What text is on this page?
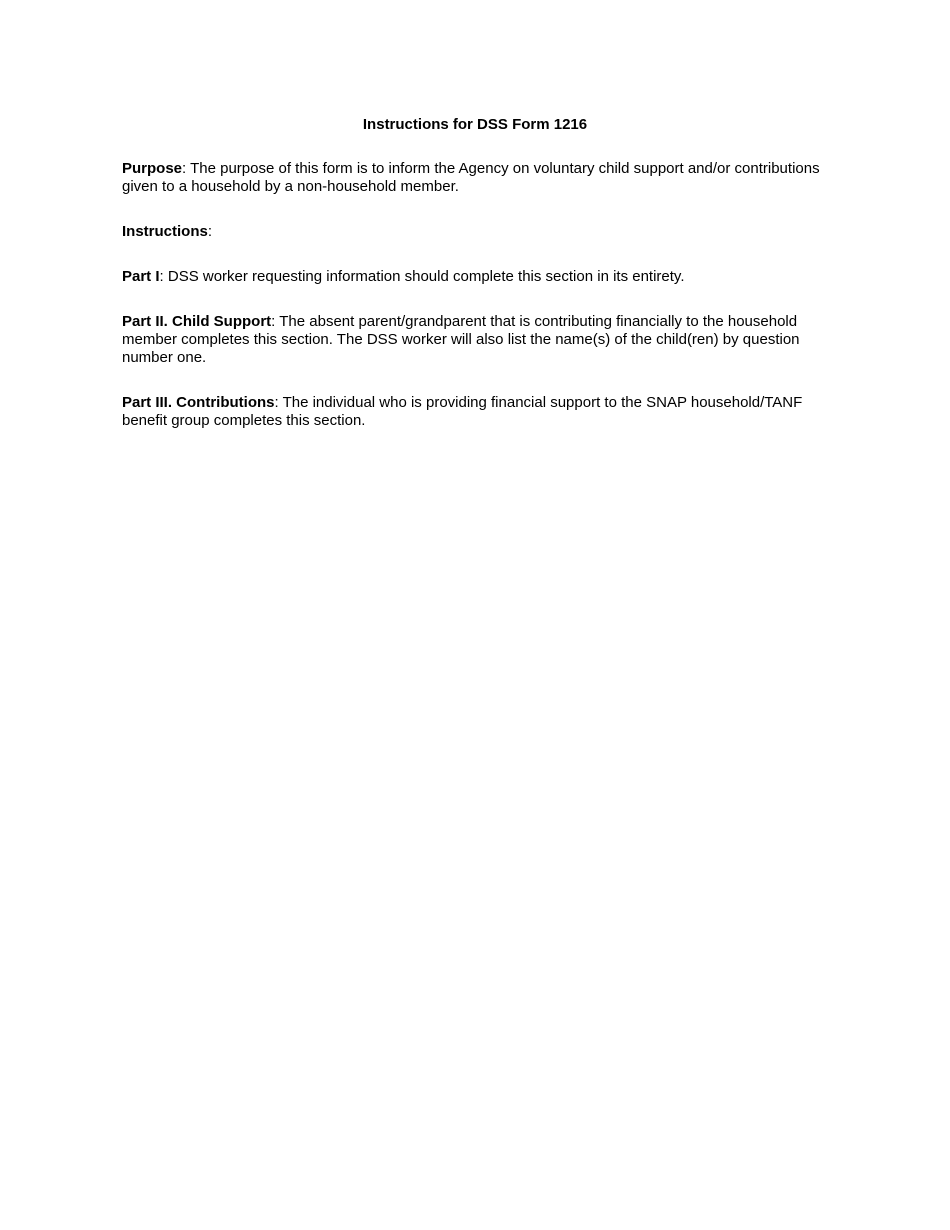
Instructions for DSS Form 1216

Purpose: The purpose of this form is to inform the Agency on voluntary child support and/or contributions given to a household by a non-household member.

Instructions:

Part I: DSS worker requesting information should complete this section in its entirety.

Part II. Child Support: The absent parent/grandparent that is contributing financially to the household member completes this section. The DSS worker will also list the name(s) of the child(ren) by question number one.

Part III. Contributions: The individual who is providing financial support to the SNAP household/TANF benefit group completes this section.
